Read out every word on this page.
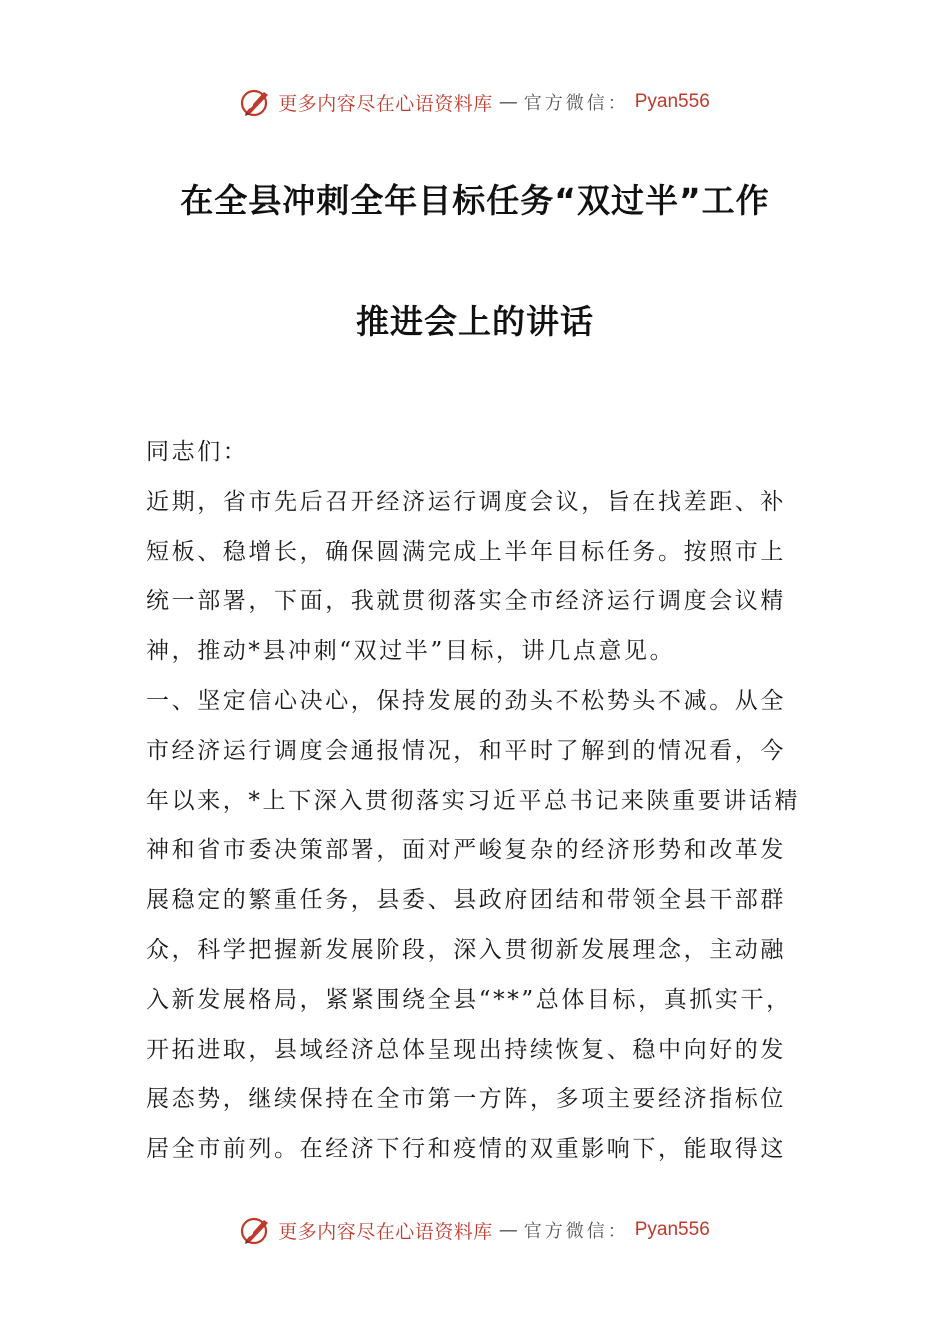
更多内容尽在心语资料库 — 官方微信： Pyan556
在全县冲刺全年目标任务“双过半”工作
推进会上的讲话
同志们：
近期，省市先后召开经济运行调度会议，旨在找差距、补
短板、稳增长，确保圆满完成上半年目标任务。按照市上
统一部署，下面，我就贯彻落实全市经济运行调度会议精
神，推动*县冲刺“双过半”目标，讲几点意见。
一、坚定信心决心，保持发展的劲头不松势头不减。从全
市经济运行调度会通报情况，和平时了解到的情况看，今
年以来，*上下深入贯彻落实习近平总书记来陕重要讲话精
神和省市委决策部署，面对严峻复杂的经济形势和改革发
展稳定的繁重任务，县委、县政府团结和带领全县干部群
众，科学把握新发展阶段，深入贯彻新发展理念，主动融
入新发展格局，紧紧围绕全县“**”总体目标，真抓实干，
开拓进取，县域经济总体呈现出持续恢复、稳中向好的发
展态势，继续保持在全市第一方阵，多项主要经济指标位
居全市前列。在经济下行和疫情的双重影响下，能取得这
更多内容尽在心语资料库 — 官方微信： Pyan556
